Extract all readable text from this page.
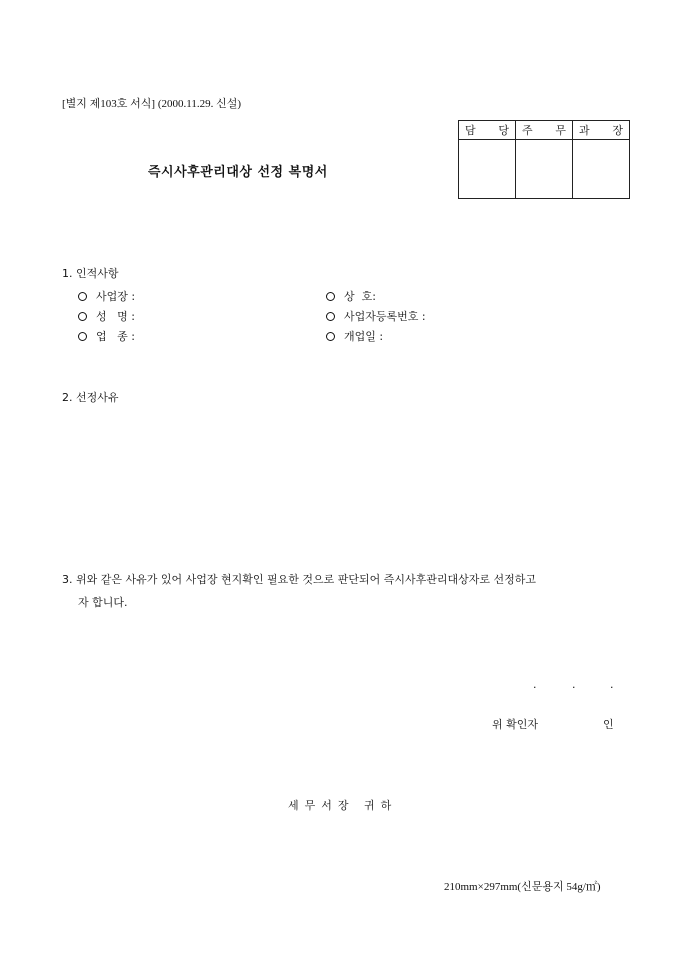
[별지 제103호 서식] (2000.11.29. 신설)
담 당	주 무	과 장

즉시사후관리대상 선정 복명서
1. 인적사항
사업장 :	상  호:
성   명 :	사업자등록번호 :
업   종 :	개업일 :
2. 선정사유
3. 위와 같은 사유가 있어 사업장 현지확인 필요한 것으로 판단되어 즉시사후관리대상자로 선정하고
자 합니다.
.	.	.
위 확인자	인
세무서장 귀하
210mm×297mm(신문용지 54g/㎡)
